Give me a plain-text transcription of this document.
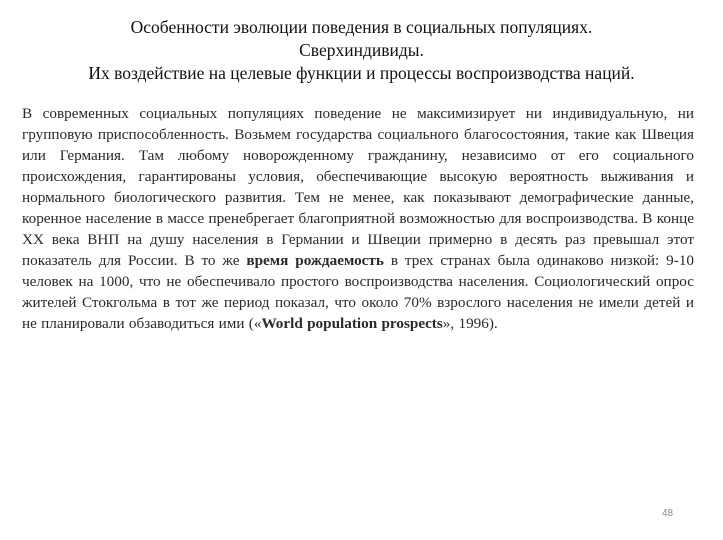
Особенности эволюции поведения в социальных популяциях.
Сверхиндивиды.
Их воздействие на целевые функции и процессы воспроизводства наций.
В современных социальных популяциях поведение не максимизирует ни индивидуальную, ни групповую приспособленность. Возьмем государства социального благосостояния, такие как Швеция или Германия. Там любому новорожденному гражданину, независимо от его социального происхождения, гарантированы условия, обеспечивающие высокую вероятность выживания и нормального биологического развития. Тем не менее, как показывают демографические данные, коренное население в массе пренебрегает благоприятной возможностью для воспроизводства. В конце XX века ВНП на душу населения в Германии и Швеции примерно в десять раз превышал этот показатель для России. В то же время рождаемость в трех странах была одинаково низкой: 9-10 человек на 1000, что не обеспечивало простого воспроизводства населения. Социологический опрос жителей Стокгольма в тот же период показал, что около 70% взрослого населения не имели детей и не планировали обзаводиться ими («World population prospects», 1996).
48
